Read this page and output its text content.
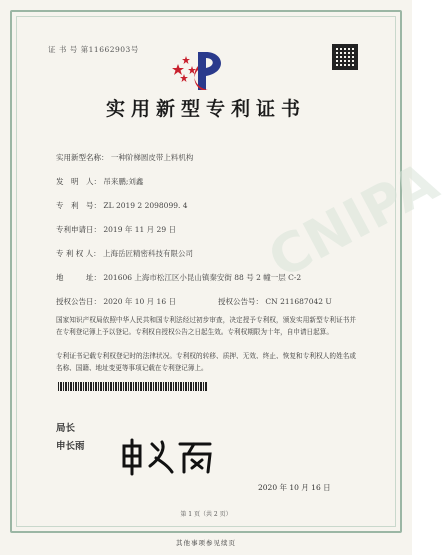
CNIPA
证 书 号 第11662903号
实用新型专利证书
实用新型名称： 一种阶梯圆皮带上料机构
发　明　人： 吊来鹏;刘鑫
专　利　号： ZL 2019 2 2098099. 4
专利申请日： 2019 年 11 月 29 日
专 利 权 人： 上海岳匠精密科技有限公司
地　　　址： 201606 上海市松江区小昆山镇秦安街 88 号 2 幢一层 C-2
授权公告日： 2020 年 10 月 16 日	授权公告号： CN 211687042 U
国家知识产权局依照中华人民共和国专利法经过初步审查，决定授予专利权，颁发实用新型专利证书并在专利登记簿上予以登记。专利权自授权公告之日起生效。专利权期限为十年，自申请日起算。
专利证书记载专利权登记时的法律状况。专利权的转移、质押、无效、终止、恢复和专利权人的姓名或名称、国籍、地址变更等事项记载在专利登记簿上。
局长
申长雨
2020 年 10 月 16 日
第 1 页（共 2 页）
其他事项参见续页
